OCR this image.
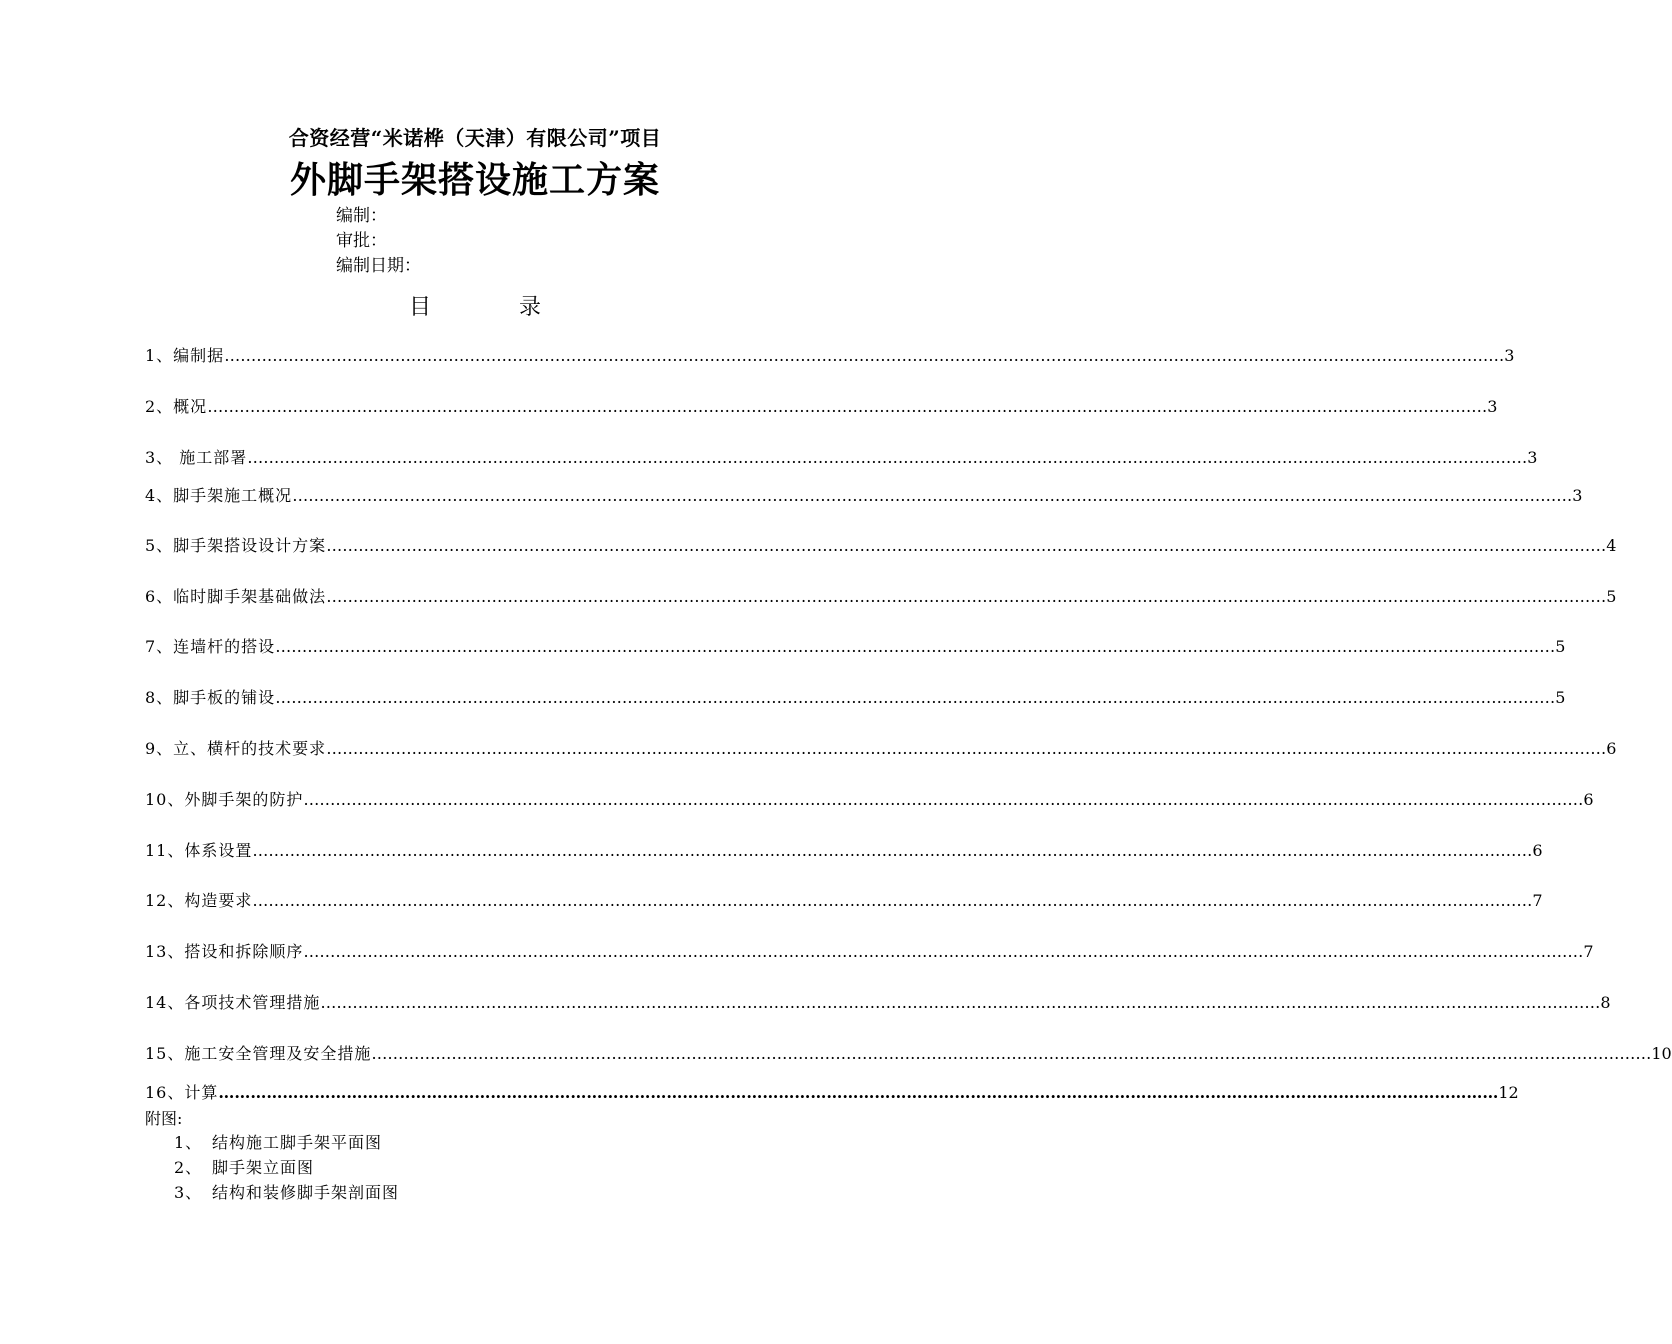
合资经营“米诺桦（天津）有限公司”项目
外脚手架搭设施工方案
编制：
审批：
编制日期：
目	录
1、编制据 …………………………………………………………………………………………………………………………………………………………………………………………………………………… 3
2、概况 …………………………………………………………………………………………………………………………………………………………………………………………………………………… 3
3、 施工部署 …………………………………………………………………………………………………………………………………………………………………………………………………………………… 3
4、脚手架施工概况 …………………………………………………………………………………………………………………………………………………………………………………………………………………… 3
5、脚手架搭设设计方案 …………………………………………………………………………………………………………………………………………………………………………………………………………………… 4
6、临时脚手架基础做法 …………………………………………………………………………………………………………………………………………………………………………………………………………………… 5
7、连墙杆的搭设 …………………………………………………………………………………………………………………………………………………………………………………………………………………… 5
8、脚手板的铺设 …………………………………………………………………………………………………………………………………………………………………………………………………………………… 5
9、立、横杆的技术要求 …………………………………………………………………………………………………………………………………………………………………………………………………………………… 6
10、外脚手架的防护 …………………………………………………………………………………………………………………………………………………………………………………………………………………… 6
11、体系设置 …………………………………………………………………………………………………………………………………………………………………………………………………………………… 6
12、构造要求 …………………………………………………………………………………………………………………………………………………………………………………………………………………… 7
13、搭设和拆除顺序 …………………………………………………………………………………………………………………………………………………………………………………………………………………… 7
14、各项技术管理措施 …………………………………………………………………………………………………………………………………………………………………………………………………………………… 8
15、施工安全管理及安全措施 …………………………………………………………………………………………………………………………………………………………………………………………………………………… 10
16、计算 …………………………………………………………………………………………………………………………………………………………………………………………………………………… 12
附图:
1、 结构施工脚手架平面图
2、 脚手架立面图
3、 结构和装修脚手架剖面图
